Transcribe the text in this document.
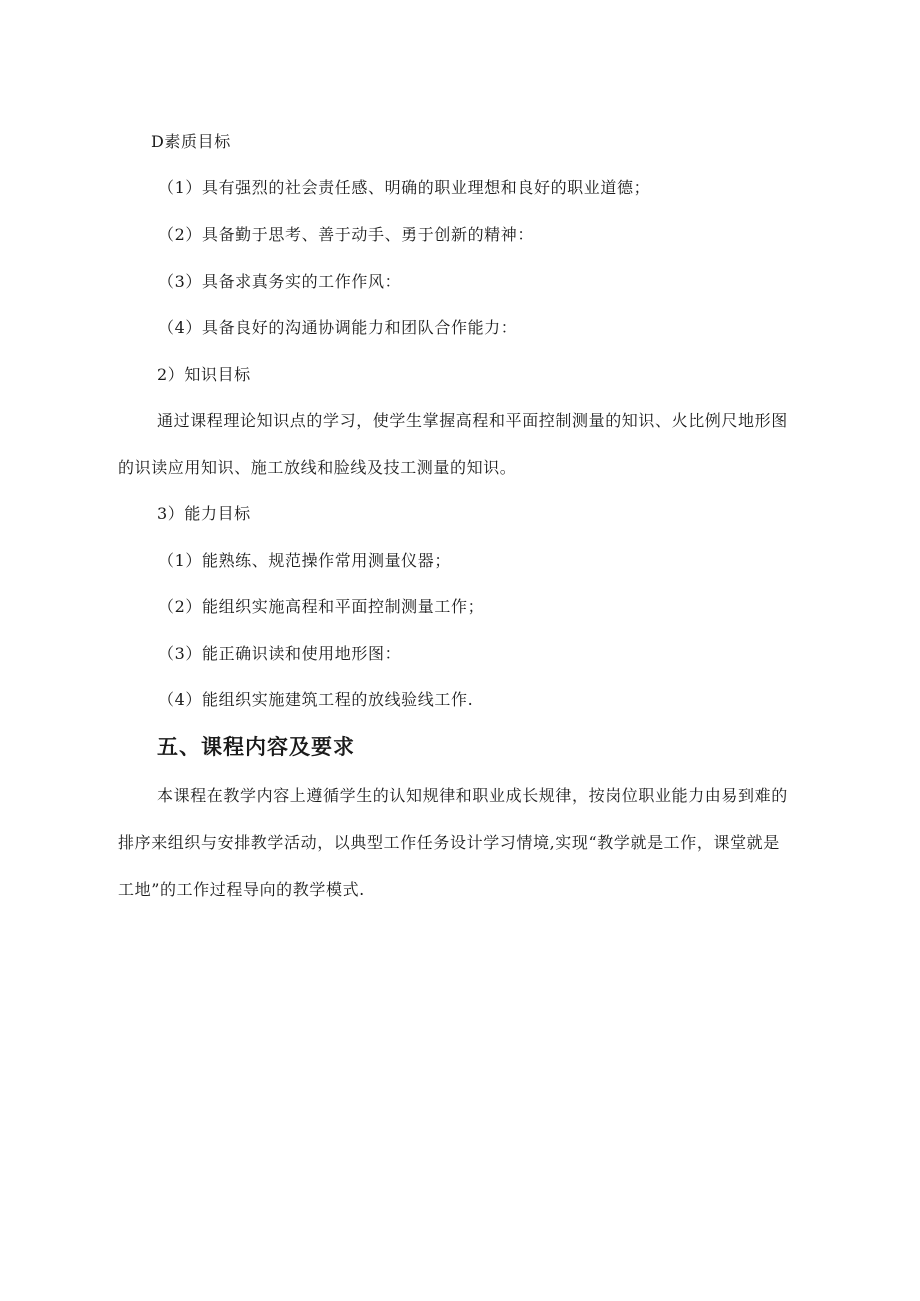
D素质目标
（1）具有强烈的社会责任感、明确的职业理想和良好的职业道德；
（2）具备勤于思考、善于动手、勇于创新的精神：
（3）具备求真务实的工作作风：
（4）具备良好的沟通协调能力和团队合作能力：
2）知识目标
通过课程理论知识点的学习，使学生掌握高程和平面控制测量的知识、火比例尺地形图
的识读应用知识、施工放线和脸线及技工测量的知识。
3）能力目标
（1）能熟练、规范操作常用测量仪器；
（2）能组织实施高程和平面控制测量工作；
（3）能正确识读和使用地形图：
（4）能组织实施建筑工程的放线验线工作.
五、课程内容及要求
本课程在教学内容上遵循学生的认知规律和职业成长规律，按岗位职业能力由易到难的
排序来组织与安排教学活动，以典型工作任务设计学习情境,实现“教学就是工作，课堂就是
工地”的工作过程导向的教学模式.
